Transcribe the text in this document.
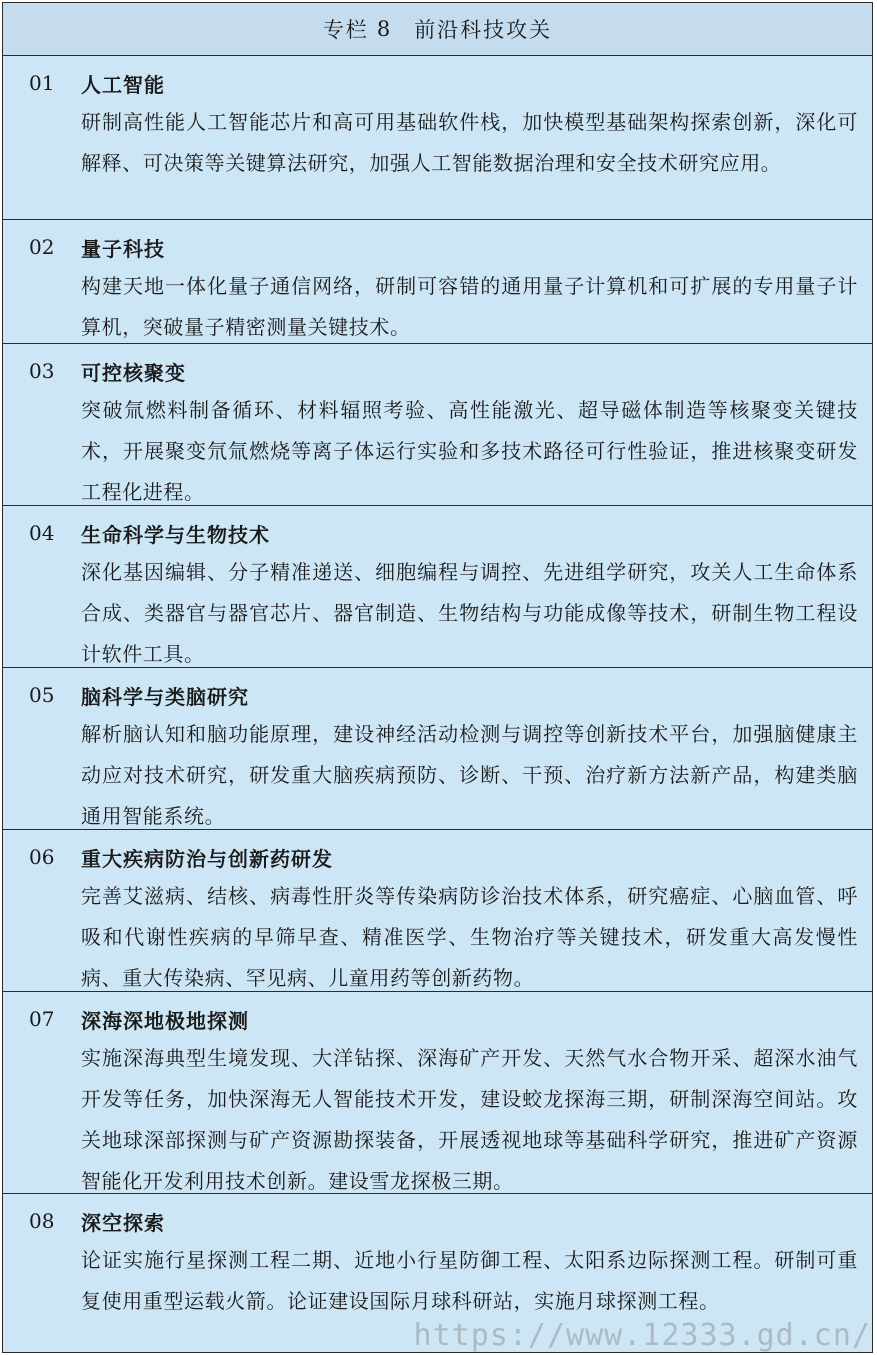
专栏 8 前沿科技攻关
01	人工智能
研制高性能人工智能芯片和高可用基础软件栈，加快模型基础架构探索创新，深化可解释、可决策等关键算法研究，加强人工智能数据治理和安全技术研究应用。
02	量子科技
构建天地一体化量子通信网络，研制可容错的通用量子计算机和可扩展的专用量子计算机，突破量子精密测量关键技术。
03	可控核聚变
突破氚燃料制备循环、材料辐照考验、高性能激光、超导磁体制造等核聚变关键技术，开展聚变氘氚燃烧等离子体运行实验和多技术路径可行性验证，推进核聚变研发工程化进程。
04	生命科学与生物技术
深化基因编辑、分子精准递送、细胞编程与调控、先进组学研究，攻关人工生命体系合成、类器官与器官芯片、器官制造、生物结构与功能成像等技术，研制生物工程设计软件工具。
05	脑科学与类脑研究
解析脑认知和脑功能原理，建设神经活动检测与调控等创新技术平台，加强脑健康主动应对技术研究，研发重大脑疾病预防、诊断、干预、治疗新方法新产品，构建类脑通用智能系统。
06	重大疾病防治与创新药研发
完善艾滋病、结核、病毒性肝炎等传染病防诊治技术体系，研究癌症、心脑血管、呼吸和代谢性疾病的早筛早查、精准医学、生物治疗等关键技术，研发重大高发慢性病、重大传染病、罕见病、儿童用药等创新药物。
07	深海深地极地探测
实施深海典型生境发现、大洋钻探、深海矿产开发、天然气水合物开采、超深水油气开发等任务，加快深海无人智能技术开发，建设蛟龙探海三期，研制深海空间站。攻关地球深部探测与矿产资源勘探装备，开展透视地球等基础科学研究，推进矿产资源智能化开发利用技术创新。建设雪龙探极三期。
08	深空探索
论证实施行星探测工程二期、近地小行星防御工程、太阳系边际探测工程。研制可重复使用重型运载火箭。论证建设国际月球科研站，实施月球探测工程。
https://www.12333.gd.cn/
